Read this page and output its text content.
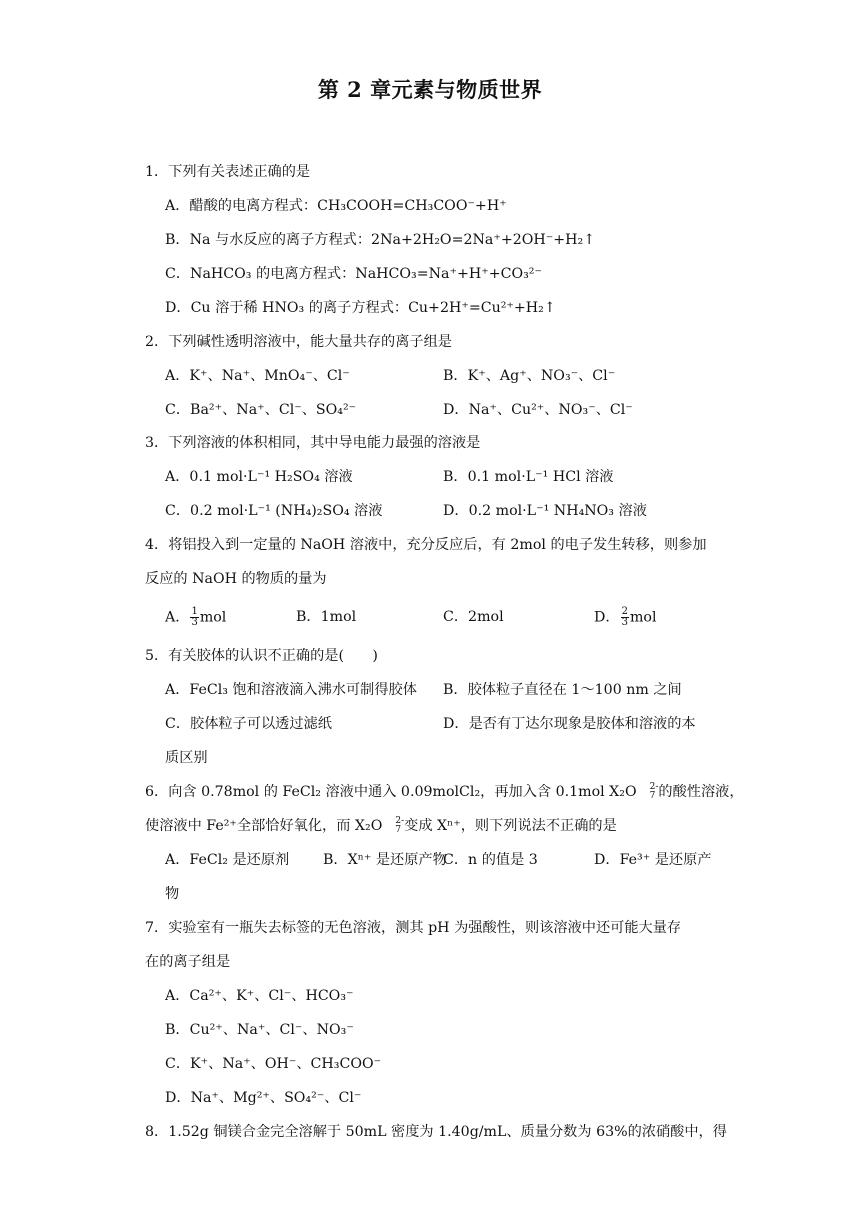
第 2 章元素与物质世界
1．下列有关表述正确的是
A．醋酸的电离方程式：CH₃COOH=CH₃COO⁻+H⁺
B．Na 与水反应的离子方程式：2Na+2H₂O=2Na⁺+2OH⁻+H₂↑
C．NaHCO₃ 的电离方程式：NaHCO₃=Na⁺+H⁺+CO₃²⁻
D．Cu 溶于稀 HNO₃ 的离子方程式：Cu+2H⁺=Cu²⁺+H₂↑
2．下列碱性透明溶液中，能大量共存的离子组是
A．K⁺、Na⁺、MnO₄⁻、Cl⁻	B．K⁺、Ag⁺、NO₃⁻、Cl⁻
C．Ba²⁺、Na⁺、Cl⁻、SO₄²⁻	D．Na⁺、Cu²⁺、NO₃⁻、Cl⁻
3．下列溶液的体积相同，其中导电能力最强的溶液是
A．0.1 mol·L⁻¹ H₂SO₄ 溶液	B．0.1 mol·L⁻¹ HCl 溶液
C．0.2 mol·L⁻¹ (NH₄)₂SO₄ 溶液	D．0.2 mol·L⁻¹ NH₄NO₃ 溶液
4．将铝投入到一定量的 NaOH 溶液中，充分反应后，有 2mol 的电子发生转移，则参加
反应的 NaOH 的物质的量为
A． $\frac{1}{3}$ mol	B．1mol	C．2mol	D． $\frac{2}{3}$ mol
5．有关胶体的认识不正确的是(　　)
A．FeCl₃ 饱和溶液滴入沸水可制得胶体 B．胶体粒子直径在 1～100 nm 之间
C．胶体粒子可以透过滤纸	D．是否有丁达尔现象是胶体和溶液的本
质区别
6．向含 0.78mol 的 FeCl₂ 溶液中通入 0.09molCl₂，再加入含 0.1mol X₂O 2-
7 的酸性溶液，
使溶液中 Fe²⁺全部恰好氧化，而 X₂O 2-
7 变成 Xⁿ⁺，则下列说法不正确的是
A．FeCl₂ 是还原剂 B．Xⁿ⁺ 是还原产物
C．n 的值是 3	D．Fe³⁺ 是还原产
物
7．实验室有一瓶失去标签的无色溶液，测其 pH 为强酸性，则该溶液中还可能大量存
在的离子组是
A．Ca²⁺、K⁺、Cl⁻、HCO₃⁻
B．Cu²⁺、Na⁺、Cl⁻、NO₃⁻
C．K⁺、Na⁺、OH⁻、CH₃COO⁻
D．Na⁺、Mg²⁺、SO₄²⁻、Cl⁻
8．1.52g 铜镁合金完全溶解于 50mL 密度为 1.40g/mL、质量分数为 63%的浓硝酸中，得
